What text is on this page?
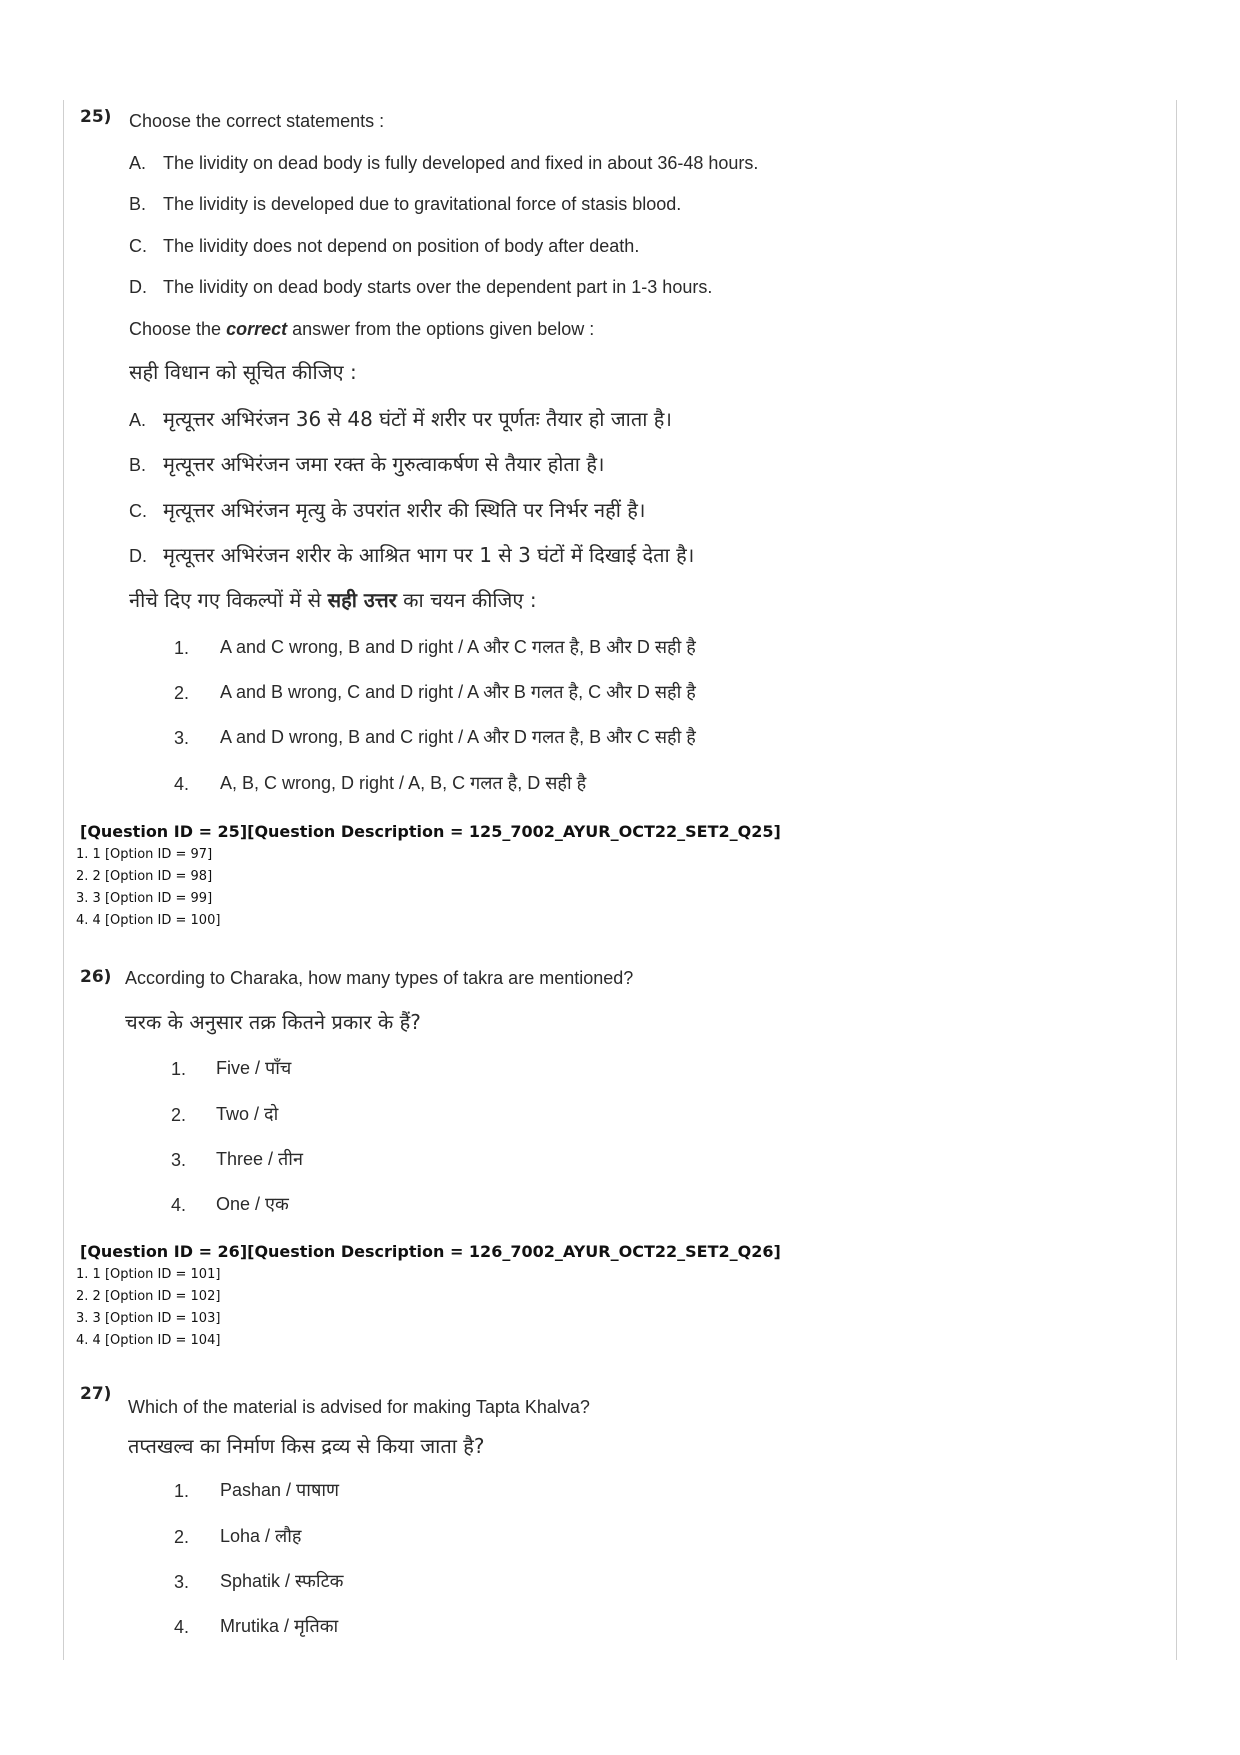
25) Choose the correct statements :
A. The lividity on dead body is fully developed and fixed in about 36-48 hours.
B. The lividity is developed due to gravitational force of stasis blood.
C. The lividity does not depend on position of body after death.
D. The lividity on dead body starts over the dependent part in 1-3 hours.
Choose the correct answer from the options given below :
सही विधान को सूचित कीजिए :
A. मृत्यूत्तर अभिरंजन 36 से 48 घंटों में शरीर पर पूर्णतः तैयार हो जाता है।
B. मृत्यूत्तर अभिरंजन जमा रक्त के गुरुत्वाकर्षण से तैयार होता है।
C. मृत्यूत्तर अभिरंजन मृत्यु के उपरांत शरीर की स्थिति पर निर्भर नहीं है।
D. मृत्यूत्तर अभिरंजन शरीर के आश्रित भाग पर 1 से 3 घंटों में दिखाई देता है।
नीचे दिए गए विकल्पों में से सही उत्तर का चयन कीजिए :
1. A and C wrong, B and D right / A और C गलत है, B और D सही है
2. A and B wrong, C and D right / A और B गलत है, C और D सही है
3. A and D wrong, B and C right / A और D गलत है, B और C सही है
4. A, B, C wrong, D right / A, B, C गलत है, D सही है
[Question ID = 25][Question Description = 125_7002_AYUR_OCT22_SET2_Q25]
1. 1 [Option ID = 97]
2. 2 [Option ID = 98]
3. 3 [Option ID = 99]
4. 4 [Option ID = 100]
26) According to Charaka, how many types of takra are mentioned?
चरक के अनुसार तक्र कितने प्रकार के हैं?
1. Five / पाँच
2. Two / दो
3. Three / तीन
4. One / एक
[Question ID = 26][Question Description = 126_7002_AYUR_OCT22_SET2_Q26]
1. 1 [Option ID = 101]
2. 2 [Option ID = 102]
3. 3 [Option ID = 103]
4. 4 [Option ID = 104]
27)
Which of the material is advised for making Tapta Khalva?
तप्तखल्व का निर्माण किस द्रव्य से किया जाता है?
1. Pashan / पाषाण
2. Loha / लौह
3. Sphatik / स्फटिक
4. Mrutika / मृतिका
